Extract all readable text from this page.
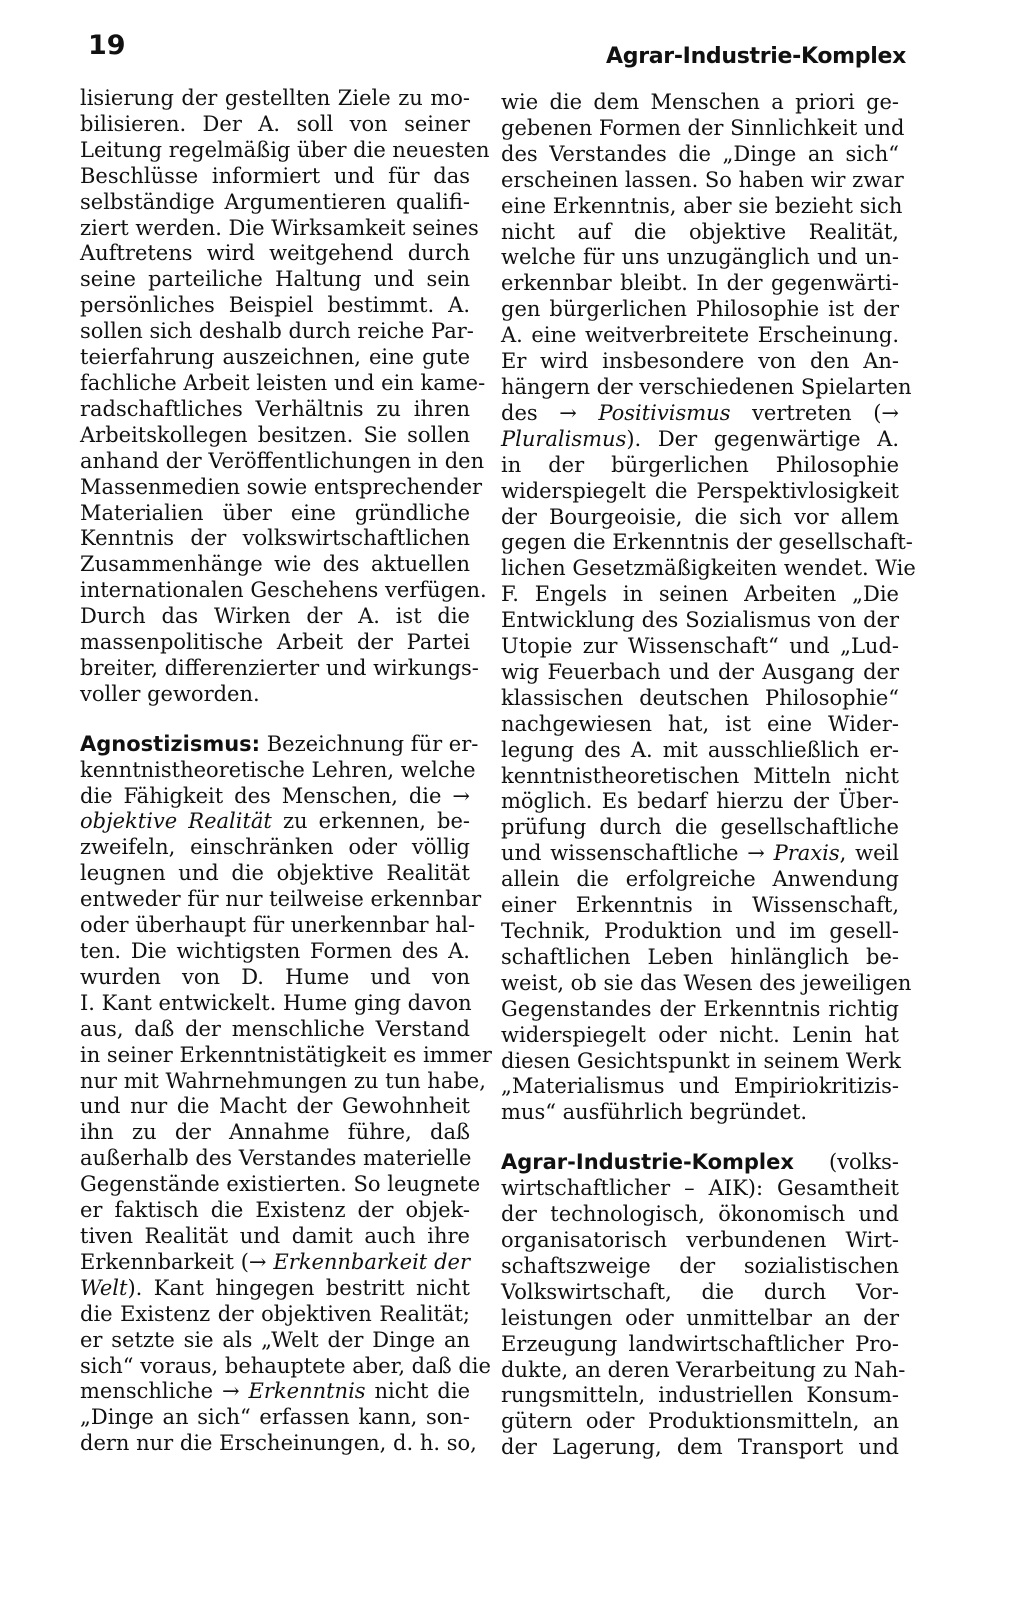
19	Agrar-Industrie-Komplex
lisierung der gestellten Ziele zu mo-
bilisieren. Der A. soll von seiner
Leitung regelmäßig über die neuesten
Beschlüsse informiert und für das
selbständige Argumentieren qualifi-
ziert werden. Die Wirksamkeit seines
Auftretens wird weitgehend durch
seine parteiliche Haltung und sein
persönliches Beispiel bestimmt. A.
sollen sich deshalb durch reiche Par-
teierfahrung auszeichnen, eine gute
fachliche Arbeit leisten und ein kame-
radschaftliches Verhältnis zu ihren
Arbeitskollegen besitzen. Sie sollen
anhand der Veröffentlichungen in den
Massenmedien sowie entsprechender
Materialien über eine gründliche
Kenntnis der volkswirtschaftlichen
Zusammenhänge wie des aktuellen
internationalen Geschehens verfügen.
Durch das Wirken der A. ist die
massenpolitische Arbeit der Partei
breiter, differenzierter und wirkungs-
voller geworden.
Agnostizismus: Bezeichnung für er-
kenntnistheoretische Lehren, welche
die Fähigkeit des Menschen, die →
objektive Realität zu erkennen, be-
zweifeln, einschränken oder völlig
leugnen und die objektive Realität
entweder für nur teilweise erkennbar
oder überhaupt für unerkennbar hal-
ten. Die wichtigsten Formen des A.
wurden von D. Hume und von
I. Kant entwickelt. Hume ging davon
aus, daß der menschliche Verstand
in seiner Erkenntnistätigkeit es immer
nur mit Wahrnehmungen zu tun habe,
und nur die Macht der Gewohnheit
ihn zu der Annahme führe, daß
außerhalb des Verstandes materielle
Gegenstände existierten. So leugnete
er faktisch die Existenz der objek-
tiven Realität und damit auch ihre
Erkennbarkeit (→ Erkennbarkeit der
Welt). Kant hingegen bestritt nicht
die Existenz der objektiven Realität;
er setzte sie als „Welt der Dinge an
sich“ voraus, behauptete aber, daß die
menschliche → Erkenntnis nicht die
„Dinge an sich“ erfassen kann, son-
dern nur die Erscheinungen, d. h. so,
wie die dem Menschen a priori ge-
gebenen Formen der Sinnlichkeit und
des Verstandes die „Dinge an sich“
erscheinen lassen. So haben wir zwar
eine Erkenntnis, aber sie bezieht sich
nicht auf die objektive Realität,
welche für uns unzugänglich und un-
erkennbar bleibt. In der gegenwärti-
gen bürgerlichen Philosophie ist der
A. eine weitverbreitete Erscheinung.
Er wird insbesondere von den An-
hängern der verschiedenen Spielarten
des → Positivismus vertreten (→
Pluralismus). Der gegenwärtige A.
in der bürgerlichen Philosophie
widerspiegelt die Perspektivlosigkeit
der Bourgeoisie, die sich vor allem
gegen die Erkenntnis der gesellschaft-
lichen Gesetzmäßigkeiten wendet. Wie
F. Engels in seinen Arbeiten „Die
Entwicklung des Sozialismus von der
Utopie zur Wissenschaft“ und „Lud-
wig Feuerbach und der Ausgang der
klassischen deutschen Philosophie“
nachgewiesen hat, ist eine Wider-
legung des A. mit ausschließlich er-
kenntnistheoretischen Mitteln nicht
möglich. Es bedarf hierzu der Über-
prüfung durch die gesellschaftliche
und wissenschaftliche → Praxis, weil
allein die erfolgreiche Anwendung
einer Erkenntnis in Wissenschaft,
Technik, Produktion und im gesell-
schaftlichen Leben hinlänglich be-
weist, ob sie das Wesen des jeweiligen
Gegenstandes der Erkenntnis richtig
widerspiegelt oder nicht. Lenin hat
diesen Gesichtspunkt in seinem Werk
„Materialismus und Empiriokritizis-
mus“ ausführlich begründet.
Agrar-Industrie-Komplex (volks-
wirtschaftlicher – AIK): Gesamtheit
der technologisch, ökonomisch und
organisatorisch verbundenen Wirt-
schaftszweige der sozialistischen
Volkswirtschaft, die durch Vor-
leistungen oder unmittelbar an der
Erzeugung landwirtschaftlicher Pro-
dukte, an deren Verarbeitung zu Nah-
rungsmitteln, industriellen Konsum-
gütern oder Produktionsmitteln, an
der Lagerung, dem Transport und
